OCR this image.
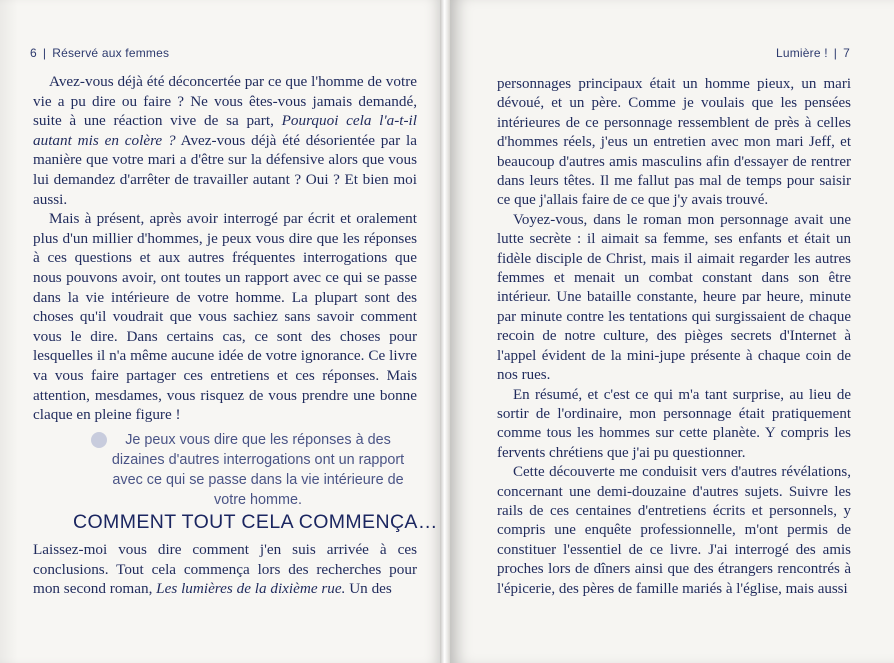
6 | Réservé aux femmes	Lumière ! | 7

Avez-vous déjà été déconcertée par ce que l'homme de votre vie a pu dire ou faire ? Ne vous êtes-vous jamais demandé, suite à une réaction vive de sa part, Pourquoi cela l'a-t-il autant mis en colère ? Avez-vous déjà été désorientée par la manière que votre mari a d'être sur la défensive alors que vous lui demandez d'arrêter de travailler autant ? Oui ? Et bien moi aussi.

Mais à présent, après avoir interrogé par écrit et oralement plus d'un millier d'hommes, je peux vous dire que les réponses à ces questions et aux autres fréquentes interrogations que nous pouvons avoir, ont toutes un rapport avec ce qui se passe dans la vie intérieure de votre homme. La plupart sont des choses qu'il voudrait que vous sachiez sans savoir comment vous le dire. Dans certains cas, ce sont des choses pour lesquelles il n'a même aucune idée de votre ignorance. Ce livre va vous faire partager ces entretiens et ces réponses. Mais attention, mesdames, vous risquez de vous prendre une bonne claque en pleine figure !

Je peux vous dire que les réponses à des dizaines d'autres interrogations ont un rapport avec ce qui se passe dans la vie intérieure de votre homme.
COMMENT TOUT CELA COMMENÇA…

Laissez-moi vous dire comment j'en suis arrivée à ces conclusions. Tout cela commença lors des recherches pour mon second roman, Les lumières de la dixième rue. Un des

personnages principaux était un homme pieux, un mari dévoué, et un père. Comme je voulais que les pensées intérieures de ce personnage ressemblent de près à celles d'hommes réels, j'eus un entretien avec mon mari Jeff, et beaucoup d'autres amis masculins afin d'essayer de rentrer dans leurs têtes. Il me fallut pas mal de temps pour saisir ce que j'allais faire de ce que j'y avais trouvé.

Voyez-vous, dans le roman mon personnage avait une lutte secrète : il aimait sa femme, ses enfants et était un fidèle disciple de Christ, mais il aimait regarder les autres femmes et menait un combat constant dans son être intérieur. Une bataille constante, heure par heure, minute par minute contre les tentations qui surgissaient de chaque recoin de notre culture, des pièges secrets d'Internet à l'appel évident de la mini-jupe présente à chaque coin de nos rues.

En résumé, et c'est ce qui m'a tant surprise, au lieu de sortir de l'ordinaire, mon personnage était pratiquement comme tous les hommes sur cette planète. Y compris les fervents chrétiens que j'ai pu questionner.

Cette découverte me conduisit vers d'autres révélations, concernant une demi-douzaine d'autres sujets. Suivre les rails de ces centaines d'entretiens écrits et personnels, y compris une enquête professionnelle, m'ont permis de constituer l'essentiel de ce livre. J'ai interrogé des amis proches lors de dîners ainsi que des étrangers rencontrés à l'épicerie, des pères de famille mariés à l'église, mais aussi
